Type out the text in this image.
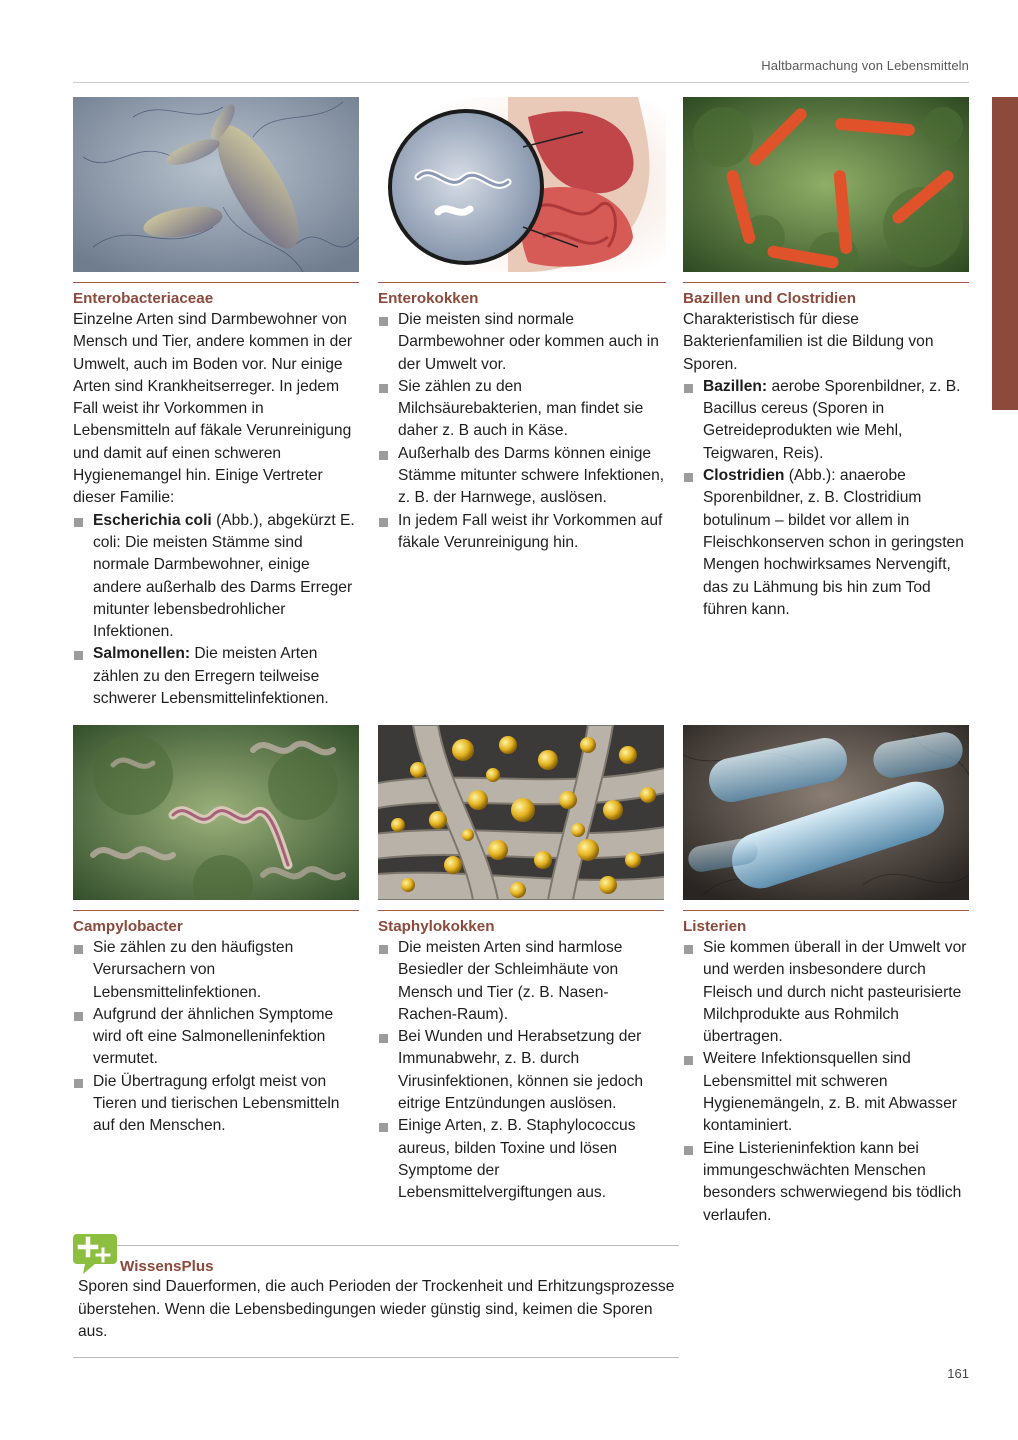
Haltbarmachung von Lebensmitteln
Enterobacteriaceae

Einzelne Arten sind Darmbewohner von Mensch und Tier, andere kommen in der Umwelt, auch im Boden vor. Nur einige Arten sind Krankheitserreger. In jedem Fall weist ihr Vorkommen in Lebensmitteln auf fäkale Verunreinigung und damit auf einen schweren Hygienemangel hin. Einige Vertreter dieser Familie:

Escherichia coli (Abb.), abgekürzt E. coli: Die meisten Stämme sind normale Darmbewohner, einige andere außerhalb des Darms Erreger mitunter lebensbedrohlicher Infektionen.
Salmonellen: Die meisten Arten zählen zu den Erregern teilweise schwerer Lebensmittelinfektionen.
Enterokokken
Die meisten sind normale Darmbewohner oder kommen auch in der Umwelt vor.
Sie zählen zu den Milchsäurebakterien, man findet sie daher z. B auch in Käse.
Außerhalb des Darms können einige Stämme mitunter schwere Infektionen, z. B. der Harnwege, auslösen.
In jedem Fall weist ihr Vorkommen auf fäkale Verunreinigung hin.
Bazillen und Clostridien

Charakteristisch für diese Bakterienfamilien ist die Bildung von Sporen.

Bazillen: aerobe Sporenbildner, z. B. Bacillus cereus (Sporen in Getreideprodukten wie Mehl, Teigwaren, Reis).
Clostridien (Abb.): anaerobe Sporenbildner, z. B. Clostridium botulinum – bildet vor allem in Fleischkonserven schon in geringsten Mengen hochwirksames Nervengift, das zu Lähmung bis hin zum Tod führen kann.
Campylobacter
Sie zählen zu den häufigsten Verursachern von Lebensmittelinfektionen.
Aufgrund der ähnlichen Symptome wird oft eine Salmonelleninfektion vermutet.
Die Übertragung erfolgt meist von Tieren und tierischen Lebensmitteln auf den Menschen.
Staphylokokken
Die meisten Arten sind harmlose Besiedler der Schleimhäute von Mensch und Tier (z. B. Nasen-Rachen-Raum).
Bei Wunden und Herabsetzung der Immunabwehr, z. B. durch Virusinfektionen, können sie jedoch eitrige Entzündungen auslösen.
Einige Arten, z. B. Staphylococcus aureus, bilden Toxine und lösen Symptome der Lebensmittelvergiftungen aus.
Listerien
Sie kommen überall in der Umwelt vor und werden insbesondere durch Fleisch und durch nicht pasteurisierte Milchprodukte aus Rohmilch übertragen.
Weitere Infektionsquellen sind Lebensmittel mit schweren Hygienemängeln, z. B. mit Abwasser kontaminiert.
Eine Listerieninfektion kann bei immungeschwächten Menschen besonders schwerwiegend bis tödlich verlaufen.
WissensPlus
Sporen sind Dauerformen, die auch Perioden der Trockenheit und Erhitzungsprozesse überstehen. Wenn die Lebensbedingungen wieder günstig sind, keimen die Sporen aus.
161
